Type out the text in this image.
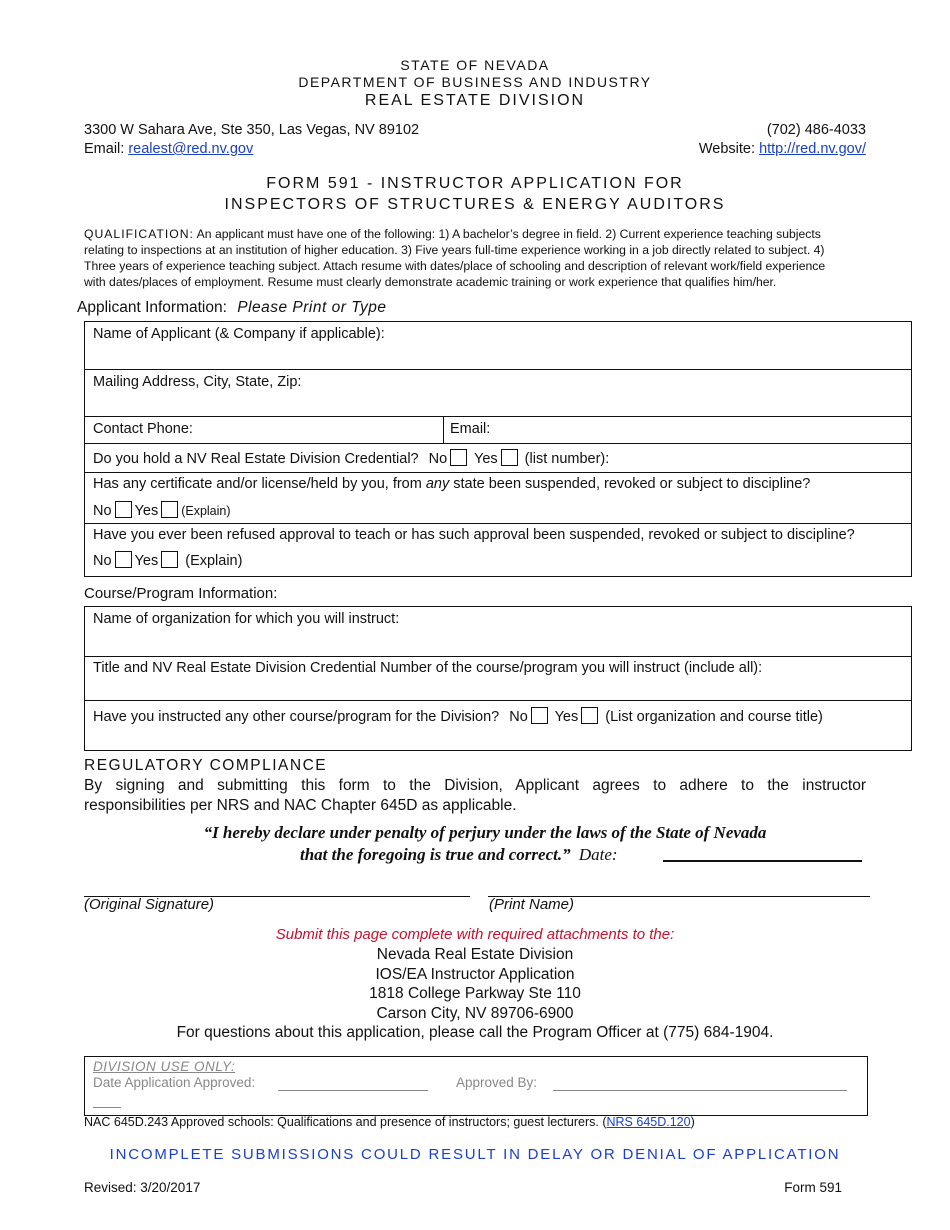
STATE OF NEVADA
DEPARTMENT OF BUSINESS AND INDUSTRY
REAL ESTATE DIVISION
3300 W Sahara Ave, Ste 350, Las Vegas, NV 89102	(702) 486-4033
Email: realest@red.nv.gov	Website: http://red.nv.gov/
FORM 591 - INSTRUCTOR APPLICATION FOR
INSPECTORS OF STRUCTURES & ENERGY AUDITORS
QUALIFICATION: An applicant must have one of the following: 1) A bachelor’s degree in field. 2) Current experience teaching subjects
relating to inspections at an institution of higher education. 3) Five years full-time experience working in a job directly related to subject. 4)
Three years of experience teaching subject. Attach resume with dates/place of schooling and description of relevant work/field experience
with dates/places of employment. Resume must clearly demonstrate academic training or work experience that qualifies him/her.
Applicant Information: Please Print or Type
Name of Applicant (& Company if applicable):
Mailing Address, City, State, Zip:
Contact Phone:	Email:
Do you hold a NV Real Estate Division Credential? No Yes (list number):
Has any certificate and/or license/held by you, from any state been suspended, revoked or subject to discipline?
No Yes (Explain)
Have you ever been refused approval to teach or has such approval been suspended, revoked or subject to discipline?
No Yes (Explain)
Course/Program Information:
Name of organization for which you will instruct:
Title and NV Real Estate Division Credential Number of the course/program you will instruct (include all):
Have you instructed any other course/program for the Division? No Yes (List organization and course title)
REGULATORY COMPLIANCE
By signing and submitting this form to the Division, Applicant agrees to adhere to the instructor
responsibilities per NRS and NAC Chapter 645D as applicable.
“I hereby declare under penalty of perjury under the laws of the State of Nevada
that the foregoing is true and correct.” Date:
(Original Signature)	(Print Name)
Submit this page complete with required attachments to the:
Nevada Real Estate Division
IOS/EA Instructor Application
1818 College Parkway Ste 110
Carson City, NV 89706-6900
For questions about this application, please call the Program Officer at (775) 684-1904.
DIVISION USE ONLY:
Date Application Approved:	Approved By:
NAC 645D.243 Approved schools: Qualifications and presence of instructors; guest lecturers. (NRS 645D.120)
INCOMPLETE SUBMISSIONS COULD RESULT IN DELAY OR DENIAL OF APPLICATION
Revised: 3/20/2017	Form 591
